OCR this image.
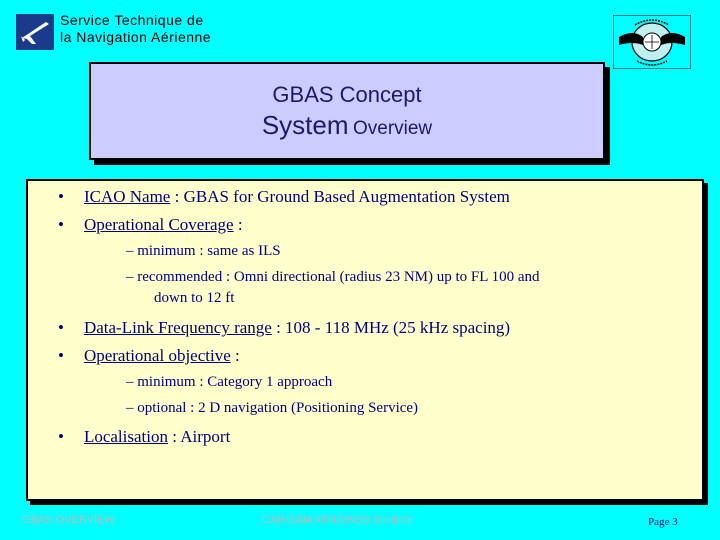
Service Technique de
la Navigation Aérienne
GBAS Concept
System Overview
• ICAO Name : GBAS for Ground Based Augmentation System
• Operational Coverage :
– minimum : same as ILS
– recommended : Omni directional (radius 23 NM) up to FL 100 and
down to 12 ft
• Data-Link Frequency range : 108 - 118 MHz (25 kHz spacing)
• Operational objective :
– minimum : Category 1 approach
– optional : 2 D navigation (Positioning Service)
• Localisation : Airport
GBAS OVERVIEW	CAR/SAM ATN/GNSS Seminar	Page 3
